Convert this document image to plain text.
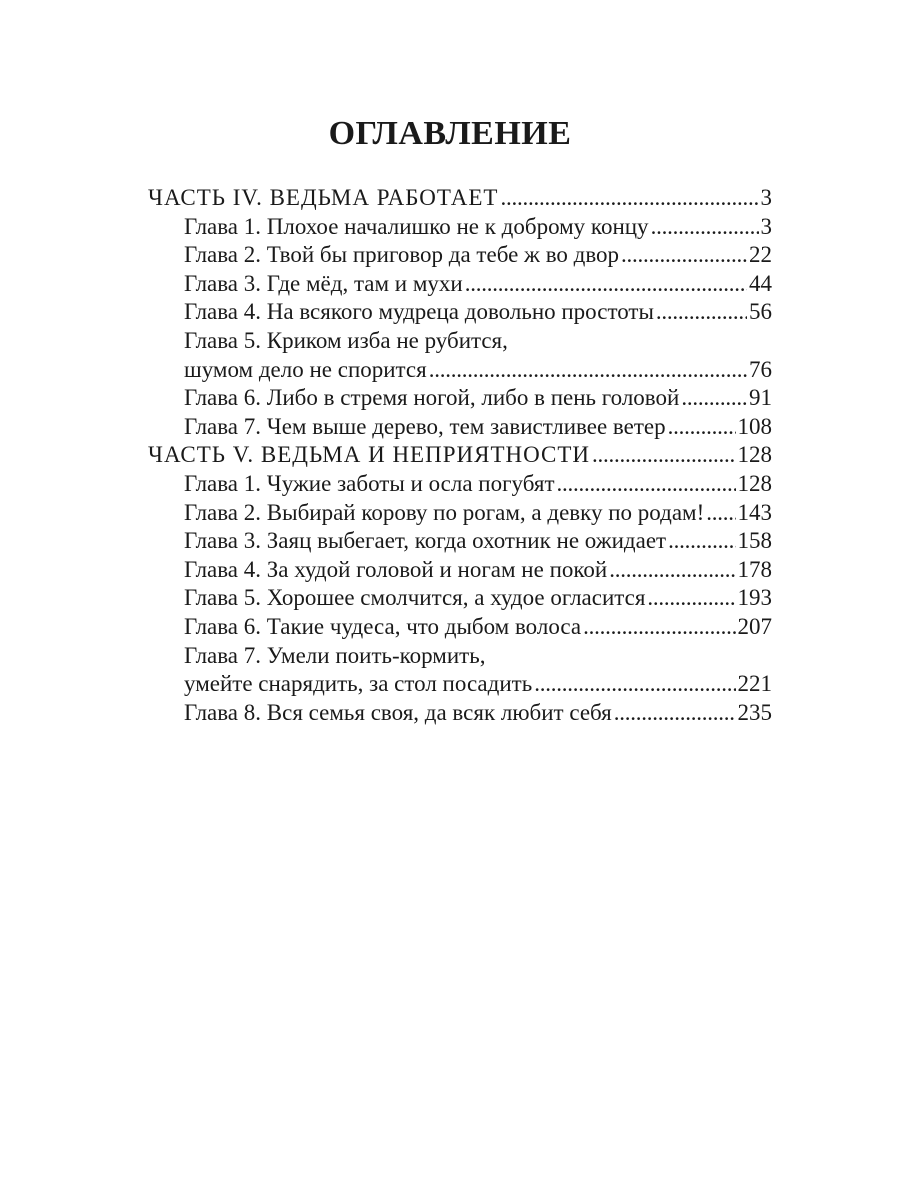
ОГЛАВЛЕНИЕ
ЧАСТЬ IV. ВЕДЬМА РАБОТАЕТ . . .	3
Глава 1. Плохое началишко не к доброму концу . . .	3
Глава 2. Твой бы приговор да тебе ж во двор . . .	22
Глава 3. Где мёд, там и мухи . . .	44
Глава 4. На всякого мудреца довольно простоты . . .	56
Глава 5. Криком изба не рубится,
шумом дело не спорится . . .	76
Глава 6. Либо в стремя ногой, либо в пень головой . . .	91
Глава 7. Чем выше дерево, тем завистливее ветер . . .	108
ЧАСТЬ V. ВЕДЬМА И НЕПРИЯТНОСТИ . . .	128
Глава 1. Чужие заботы и осла погубят . . .	128
Глава 2. Выбирай корову по рогам, а девку по родам! . . . 143
Глава 3. Заяц выбегает, когда охотник не ожидает . . .	158
Глава 4. За худой головой и ногам не покой . . .	178
Глава 5. Хорошее смолчится, а худое огласится . . .	193
Глава 6. Такие чудеса, что дыбом волоса . . .	207
Глава 7. Умели поить-кормить,
умейте снарядить, за стол посадить . . .	221
Глава 8. Вся семья своя, да всяк любит себя . . .	235
